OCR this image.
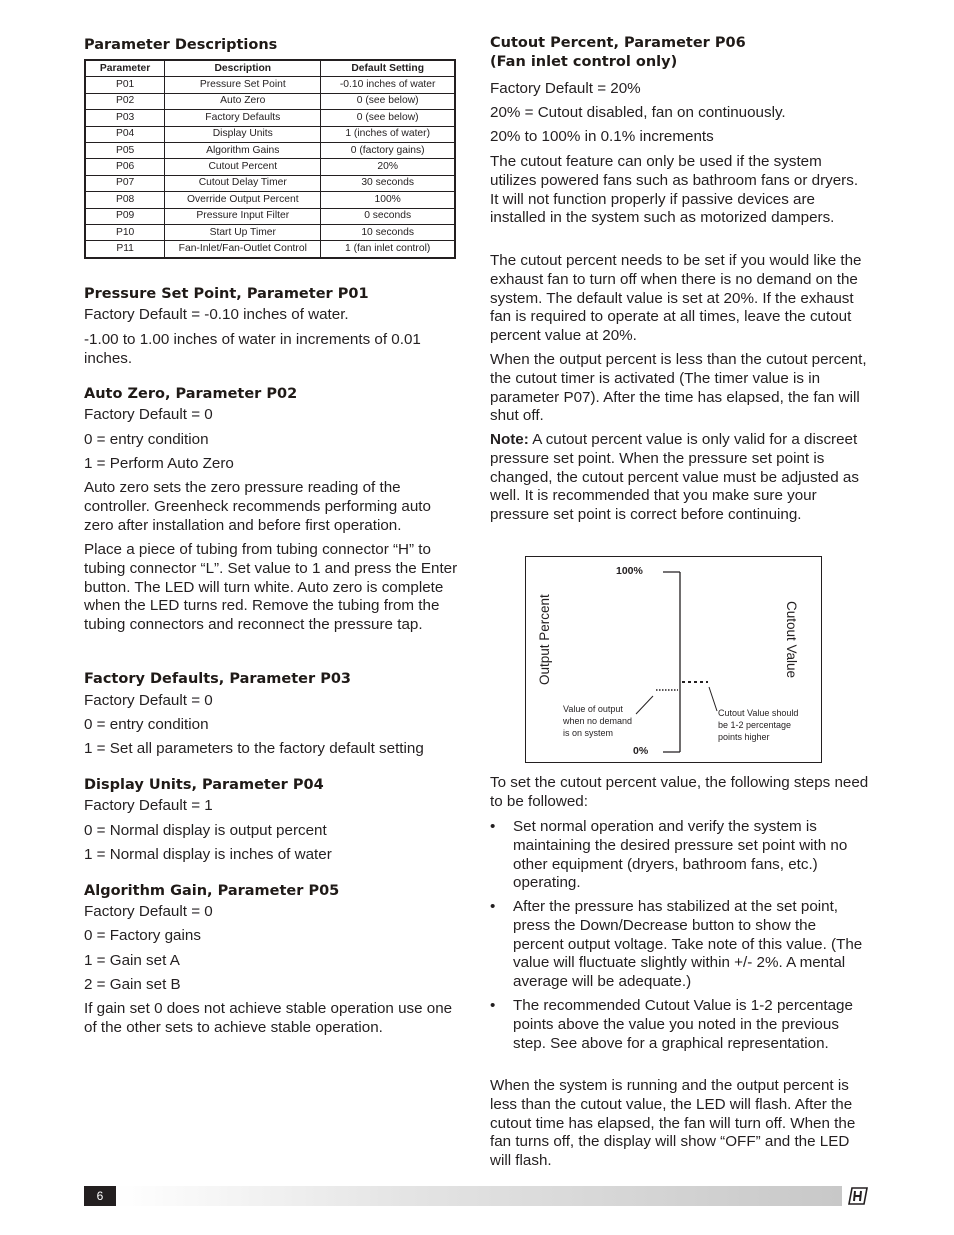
Parameter Descriptions
Parameter	Description	Default Setting
P01	Pressure Set Point	-0.10 inches of water
P02	Auto Zero	0 (see below)
P03	Factory Defaults	0 (see below)
P04	Display Units	1 (inches of water)
P05	Algorithm Gains	0 (factory gains)
P06	Cutout Percent	20%
P07	Cutout Delay Timer	30 seconds
P08	Override Output Percent	100%
P09	Pressure Input Filter	0 seconds
P10	Start Up Timer	10 seconds
P11	Fan-Inlet/Fan-Outlet Control	1 (fan inlet control)
Pressure Set Point, Parameter P01

Factory Default = -0.10 inches of water.

-1.00 to 1.00 inches of water in increments of 0.01 inches.

Auto Zero, Parameter P02

Factory Default = 0

0 = entry condition

1 = Perform Auto Zero

Auto zero sets the zero pressure reading of the controller. Greenheck recommends performing auto zero after installation and before first operation.

Place a piece of tubing from tubing connector “H” to tubing connector “L”. Set value to 1 and press the Enter button. The LED will turn white. Auto zero is complete when the LED turns red. Remove the tubing from the tubing connectors and reconnect the pressure tap.

Factory Defaults, Parameter P03

Factory Default = 0

0 = entry condition

1 = Set all parameters to the factory default setting

Display Units, Parameter P04

Factory Default = 1

0 = Normal display is output percent

1 = Normal display is inches of water

Algorithm Gain, Parameter P05

Factory Default = 0

0 = Factory gains

1 = Gain set A

2 = Gain set B

If gain set 0 does not achieve stable operation use one of the other sets to achieve stable operation.

Cutout Percent, Parameter P06
(Fan inlet control only)

Factory Default = 20%

20% = Cutout disabled, fan on continuously.

20% to 100% in 0.1% increments

The cutout feature can only be used if the system utilizes powered fans such as bathroom fans or dryers. It will not function properly if passive devices are installed in the system such as motorized dampers.

The cutout percent needs to be set if you would like the exhaust fan to turn off when there is no demand on the system. The default value is set at 20%. If the exhaust fan is required to operate at all times, leave the cutout percent value at 20%.

When the output percent is less than the cutout percent, the cutout timer is activated (The timer value is in parameter P07). After the time has elapsed, the fan will shut off.

Note: A cutout percent value is only valid for a discreet pressure set point. When the pressure set point is changed, the cutout percent value must be adjusted as well. It is recommended that you make sure your pressure set point is correct before continuing.

To set the cutout percent value, the following steps need to be followed:

• Set normal operation and verify the system is maintaining the desired pressure set point with no other equipment (dryers, bathroom fans, etc.) operating.
• After the pressure has stabilized at the set point, press the Down/Decrease button to show the percent output voltage. Take note of this value. (The value will fluctuate slightly within +/- 2%. A mental average will be adequate.)
• The recommended Cutout Value is 1-2 percentage points above the value you noted in the previous step. See above for a graphical representation.

When the system is running and the output percent is less than the cutout value, the LED will flash. After the cutout time has elapsed, the fan will turn off. When the fan turns off, the display will show “OFF” and the LED will flash.

100%
0%
Output Percent	Cutout Value
Value of output
when no demand
is on system
Cutout Value should
be 1-2 percentage
points higher
6
